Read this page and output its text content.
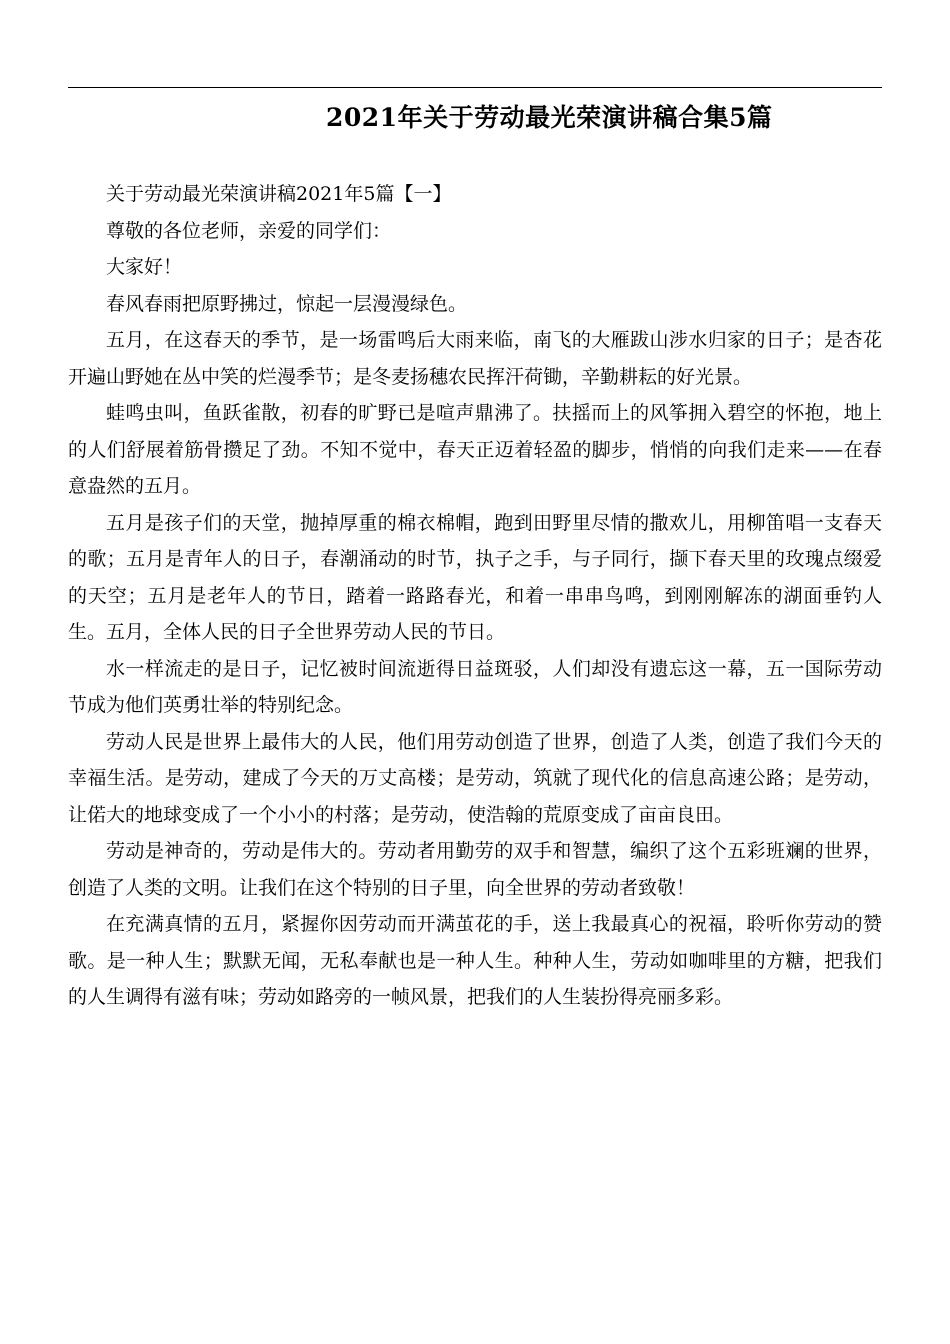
2021年关于劳动最光荣演讲稿合集5篇

关于劳动最光荣演讲稿2021年5篇【一】

尊敬的各位老师，亲爱的同学们：

大家好！

春风春雨把原野拂过，惊起一层漫漫绿色。

五月，在这春天的季节，是一场雷鸣后大雨来临，南飞的大雁跋山涉水归家的日子；是杏花开遍山野她在丛中笑的烂漫季节；是冬麦扬穗农民挥汗荷锄，辛勤耕耘的好光景。

蛙鸣虫叫，鱼跃雀散，初春的旷野已是喧声鼎沸了。扶摇而上的风筝拥入碧空的怀抱，地上的人们舒展着筋骨攒足了劲。不知不觉中，春天正迈着轻盈的脚步，悄悄的向我们走来——在春意盎然的五月。

五月是孩子们的天堂，抛掉厚重的棉衣棉帽，跑到田野里尽情的撒欢儿，用柳笛唱一支春天的歌；五月是青年人的日子，春潮涌动的时节，执子之手，与子同行，撷下春天里的玫瑰点缀爱的天空；五月是老年人的节日，踏着一路路春光，和着一串串鸟鸣，到刚刚解冻的湖面垂钓人生。五月，全体人民的日子全世界劳动人民的节日。

水一样流走的是日子，记忆被时间流逝得日益斑驳，人们却没有遗忘这一幕，五一国际劳动节成为他们英勇壮举的特别纪念。

劳动人民是世界上最伟大的人民，他们用劳动创造了世界，创造了人类，创造了我们今天的幸福生活。是劳动，建成了今天的万丈高楼；是劳动，筑就了现代化的信息高速公路；是劳动，让偌大的地球变成了一个小小的村落；是劳动，使浩翰的荒原变成了亩亩良田。

劳动是神奇的，劳动是伟大的。劳动者用勤劳的双手和智慧，编织了这个五彩班斓的世界，创造了人类的文明。让我们在这个特别的日子里，向全世界的劳动者致敬！

在充满真情的五月，紧握你因劳动而开满茧花的手，送上我最真心的祝福，聆听你劳动的赞歌。是一种人生；默默无闻，无私奉献也是一种人生。种种人生，劳动如咖啡里的方糖，把我们的人生调得有滋有味；劳动如路旁的一帧风景，把我们的人生装扮得亮丽多彩。
